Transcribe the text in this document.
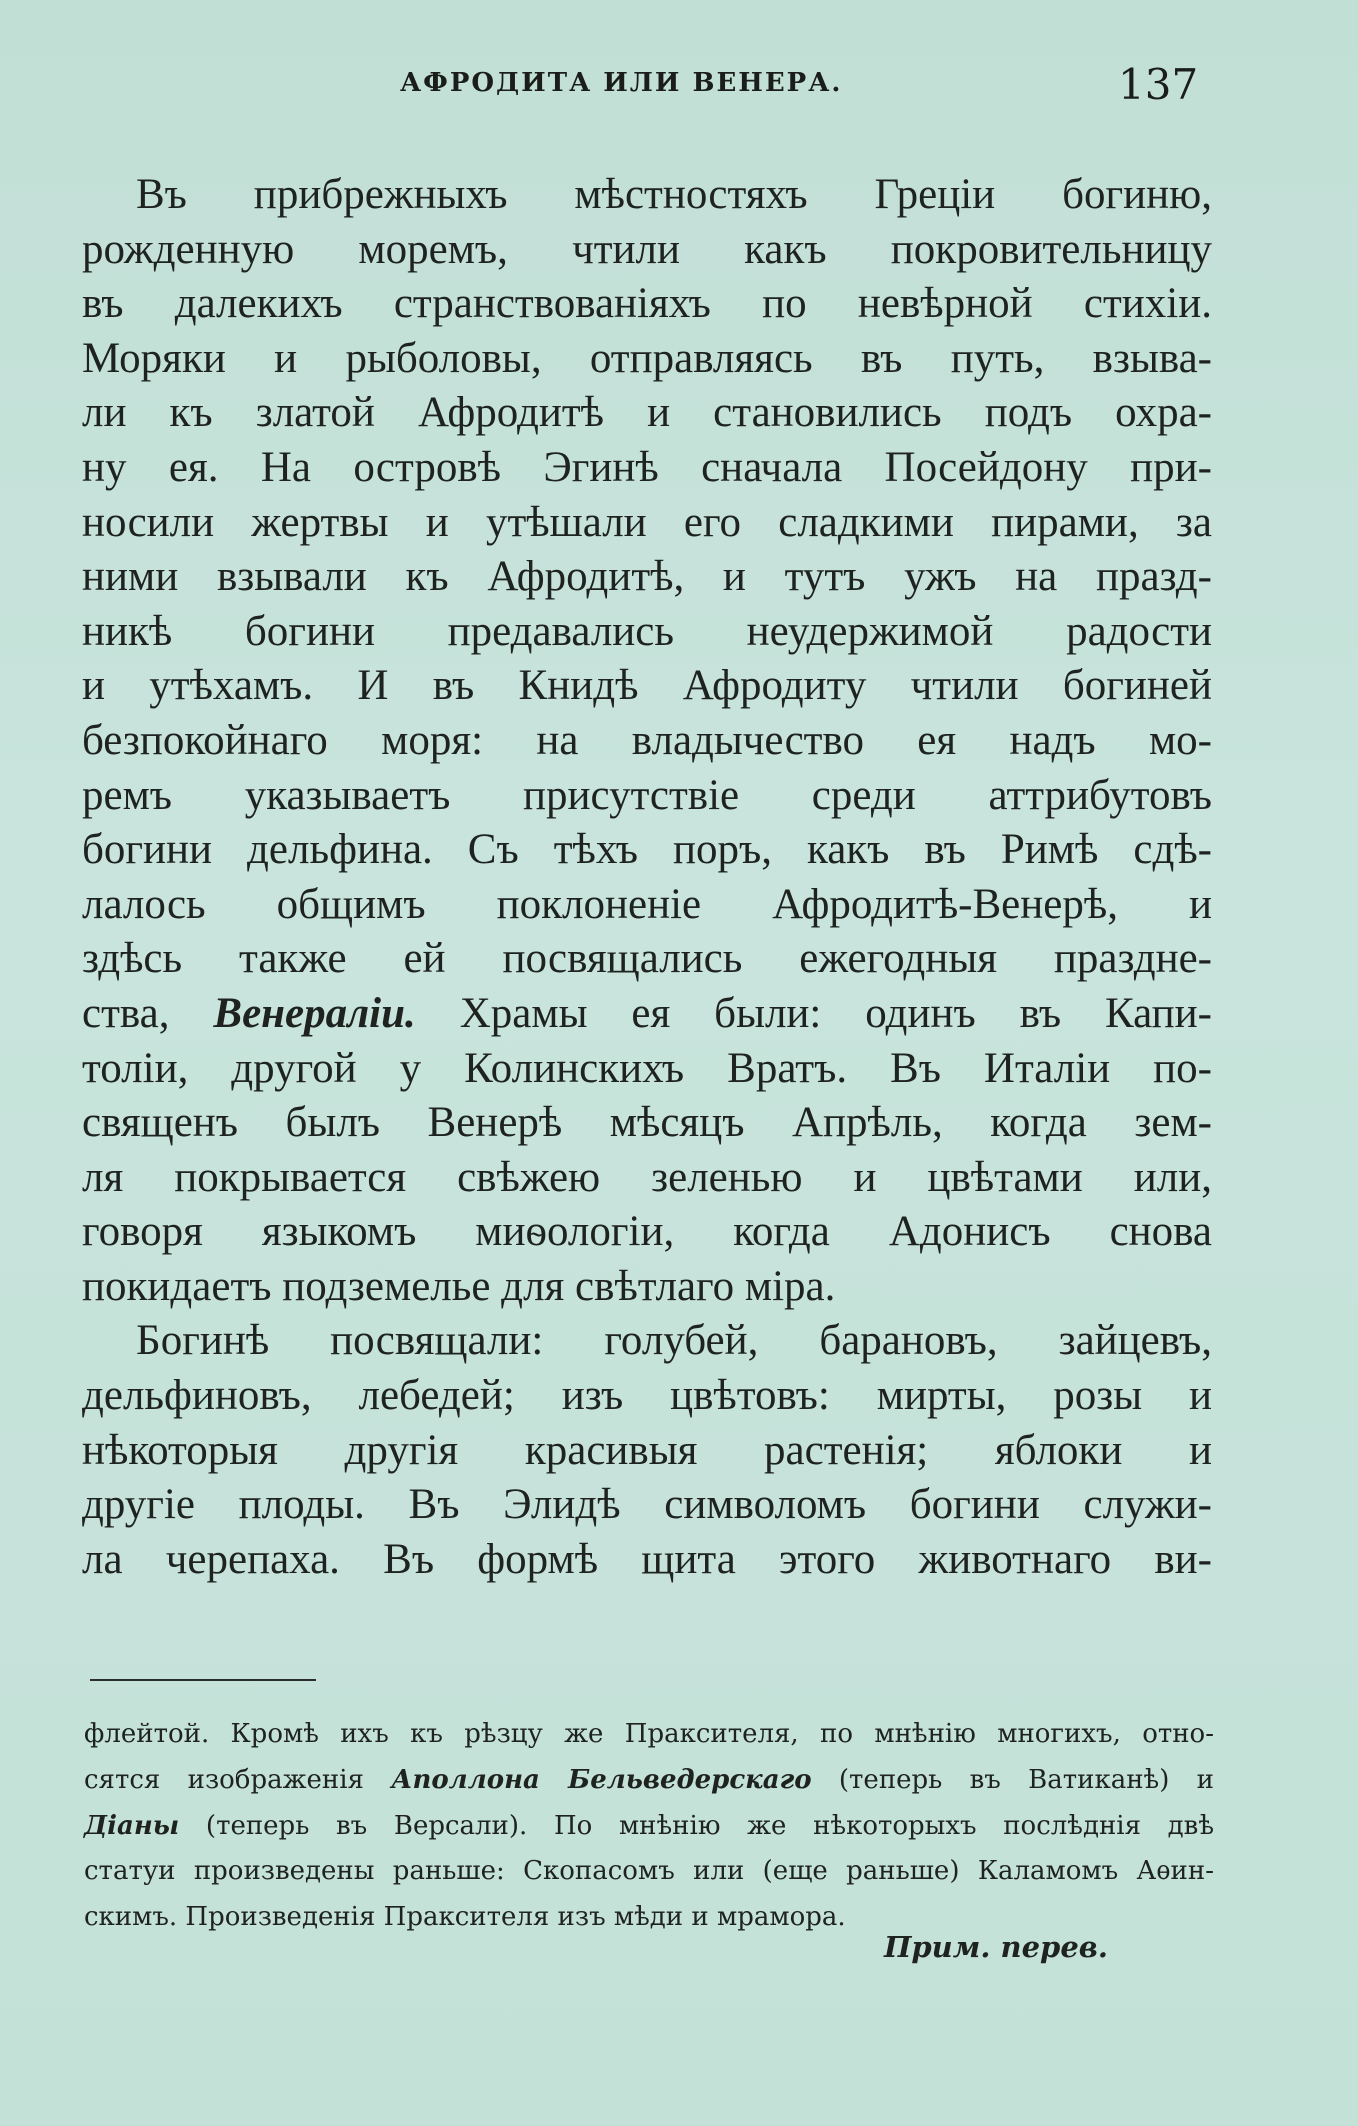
АФРОДИТА ИЛИ ВЕНЕРА.	137
Въ прибрежныхъ мѣстностяхъ Грецiи богиню,
рожденную моремъ, чтили какъ покровительницу
въ далекихъ странствованiяхъ по невѣрной стихiи.
Моряки и рыболовы, отправляясь въ путь, взыва-
ли къ златой Афродитѣ и становились подъ охра-
ну ея. На островѣ Эгинѣ сначала Посейдону при-
носили жертвы и утѣшали его сладкими пирами, за
ними взывали къ Афродитѣ, и тутъ ужъ на празд-
никѣ богини предавались неудержимой радости
и утѣхамъ. И въ Книдѣ Афродиту чтили богиней
безпокойнаго моря: на владычество ея надъ мо-
ремъ указываетъ присутствiе среди аттрибутовъ
богини дельфина. Съ тѣхъ поръ, какъ въ Римѣ сдѣ-
лалось общимъ поклоненiе Афродитѣ-Венерѣ, и
здѣсь также ей посвящались ежегодныя праздне-
ства, Венералiи. Храмы ея были: одинъ въ Капи-
толiи, другой у Колинскихъ Вратъ. Въ Италiи по-
священъ былъ Венерѣ мѣсяцъ Апрѣль, когда зем-
ля покрывается свѣжею зеленью и цвѣтами или,
говоря языкомъ миѳологiи, когда Адонисъ снова
покидаетъ подземелье для свѣтлаго мiра.
Богинѣ посвящали: голубей, барановъ, зайцевъ,
дельфиновъ, лебедей; изъ цвѣтовъ: мирты, розы и
нѣкоторыя другiя красивыя растенiя; яблоки и
другiе плоды. Въ Элидѣ символомъ богини служи-
ла черепаха. Въ формѣ щита этого животнаго ви-
флейтой. Кромѣ ихъ къ рѣзцу же Праксителя, по мнѣнiю многихъ, отно-
сятся изображенiя Аполлона Бельведерскаго (теперь въ Ватиканѣ) и
Дiаны (теперь въ Версали). По мнѣнiю же нѣкоторыхъ послѣднiя двѣ
статуи произведены раньше: Скопасомъ или (еще раньше) Каламомъ Аѳин-
скимъ. Произведенiя Праксителя изъ мѣди и мрамора.
Прим. перев.
